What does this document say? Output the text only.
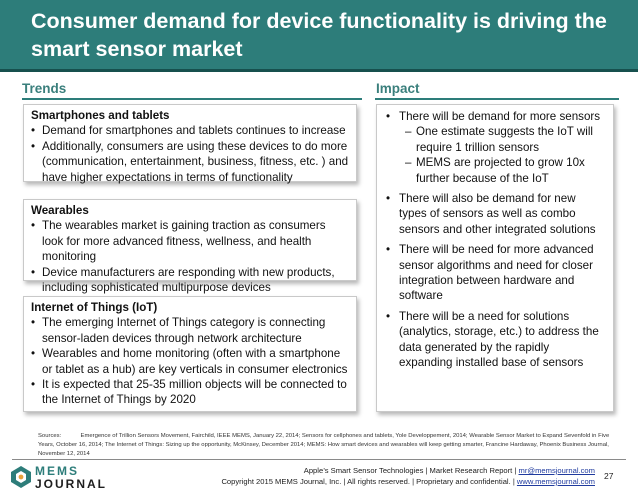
Consumer demand for device functionality is driving the smart sensor market
Trends	Impact
Smartphones and tablets
• Demand for smartphones and tablets continues to increase
• Additionally, consumers are using these devices to do more (communication, entertainment, business, fitness, etc. ) and have higher expectations in terms of functionality
Wearables
• The wearables market is gaining traction as consumers look for more advanced fitness, wellness, and health monitoring
• Device manufacturers are responding with new products, including sophisticated multipurpose devices
Internet of Things (IoT)
• The emerging Internet of Things category is connecting sensor-laden devices through network architecture
• Wearables and home monitoring (often with a smartphone or tablet as a hub) are key verticals in consumer electronics
• It is expected that 25-35 million objects will be connected to the Internet of Things by 2020
• There will be demand for more sensors
– One estimate suggests the IoT will require 1 trillion sensors
– MEMS are projected to grow 10x further because of the IoT
• There will also be demand for new types of sensors as well as combo sensors and other integrated solutions
• There will be need for more advanced sensor algorithms and need for closer integration between hardware and software
• There will be a need for solutions (analytics, storage, etc.) to address the data generated by the rapidly expanding installed base of sensors
Sources:	Emergence of Trillion Sensors Movement, Fairchild, IEEE MEMS, January 22, 2014; Sensors for cellphones and tablets, Yole Developpement, 2014; Wearable Sensor Market to Expand Sevenfold in Five Years, October 16, 2014; The Internet of Things: Sizing up the opportunity, McKinsey, December 2014; MEMS: How smart devices and wearables will keep getting smarter, Francine Hardaway, Phoenix Business Journal, November 12, 2014
MEMS
JOURNAL
Apple’s Smart Sensor Technologies | Market Research Report | mr@memsjournal.com
Copyright 2015 MEMS Journal, Inc. | All rights reserved. | Proprietary and confidential. | www.memsjournal.com
27
